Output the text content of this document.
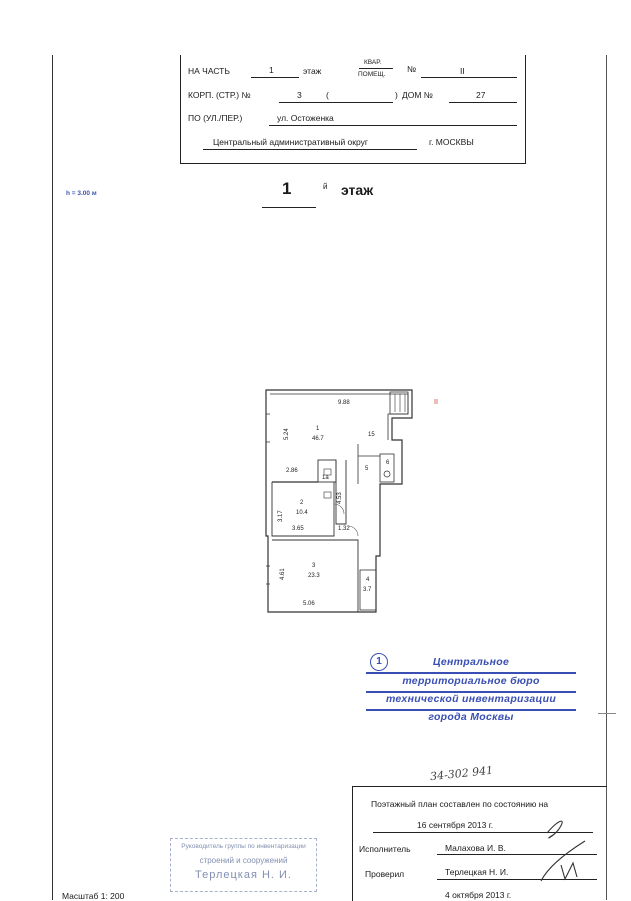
НА ЧАСТЬ	1	этаж
КВАР.
ПОМЕЩ.
№	II
КОРП. (СТР.) №	3	(	) ДОМ №	27
ПО (УЛ./ПЕР.)	ул. Остоженка
Центральный административный округ	г. МОСКВЫ
h = 3.00 м	1	й этаж
9.88
5.24
2.86
4.53
3.17
3.65	1.32
4.61
5.06
15
1
46.7
1а
2
10.4
3
23.3
4
3.7
5
6
II
1	Центральное
территориальное бюро
технической инвентаризации
города Москвы
34-302 941
Поэтажный план составлен по состоянию на
16 сентября 2013 г.
Исполнитель	Малахова И. В.
Проверил	Терлецкая Н. И.
4 октября 2013 г.
Руководитель группы по инвентаризации
строений и сооружений
Терлецкая Н. И.
Масштаб 1: 200
